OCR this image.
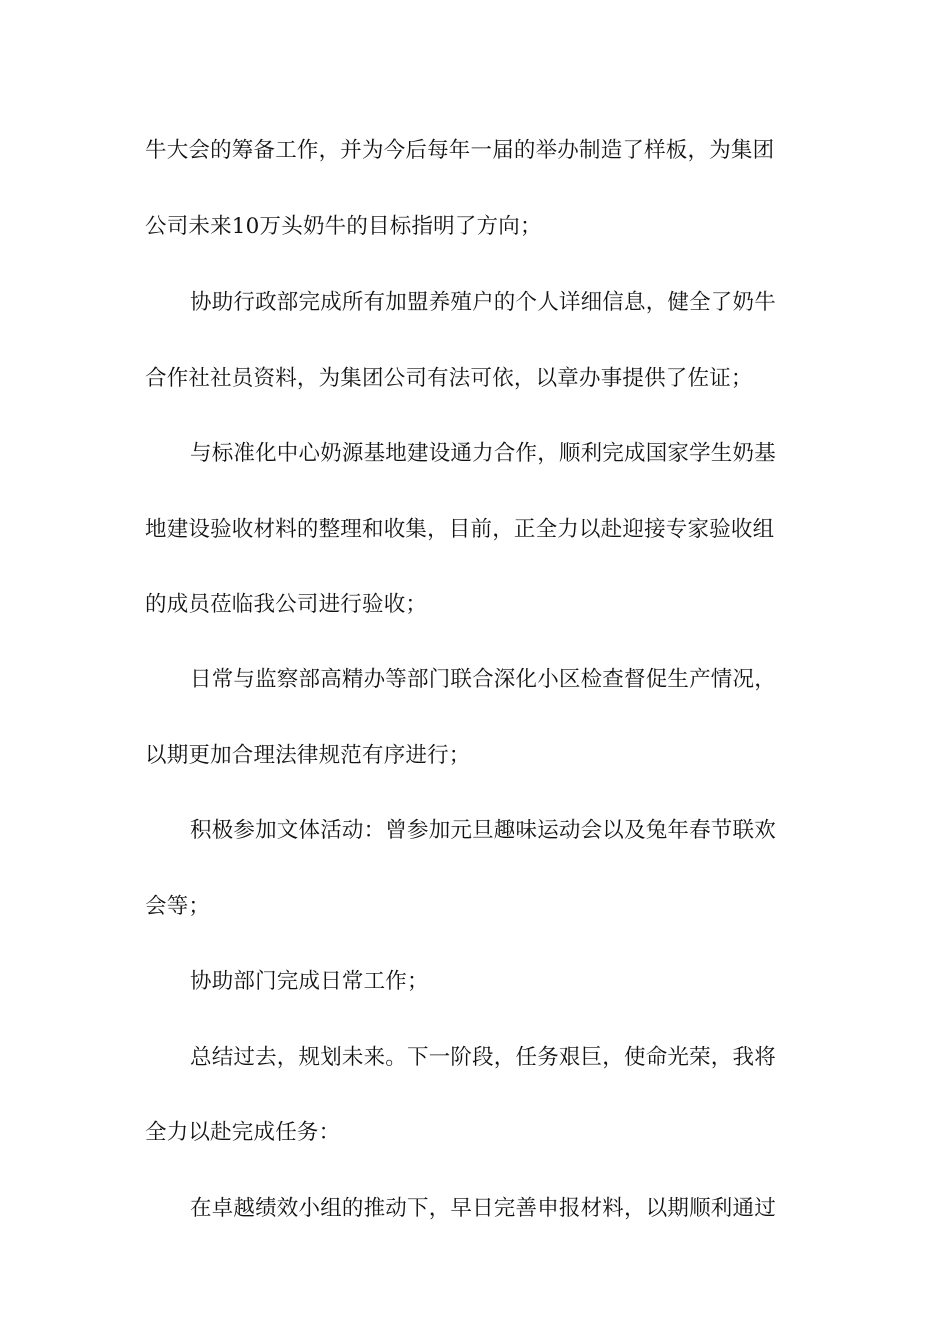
牛大会的筹备工作，并为今后每年一届的举办制造了样板，为集团
公司未来10万头奶牛的目标指明了方向；
协助行政部完成所有加盟养殖户的个人详细信息，健全了奶牛
合作社社员资料，为集团公司有法可依，以章办事提供了佐证；
与标准化中心奶源基地建设通力合作，顺利完成国家学生奶基
地建设验收材料的整理和收集，目前，正全力以赴迎接专家验收组
的成员莅临我公司进行验收；
日常与监察部高精办等部门联合深化小区检查督促生产情况，
以期更加合理法律规范有序进行；
积极参加文体活动：曾参加元旦趣味运动会以及兔年春节联欢
会等；
协助部门完成日常工作；
总结过去，规划未来。下一阶段，任务艰巨，使命光荣，我将
全力以赴完成任务：
在卓越绩效小组的推动下，早日完善申报材料，以期顺利通过
